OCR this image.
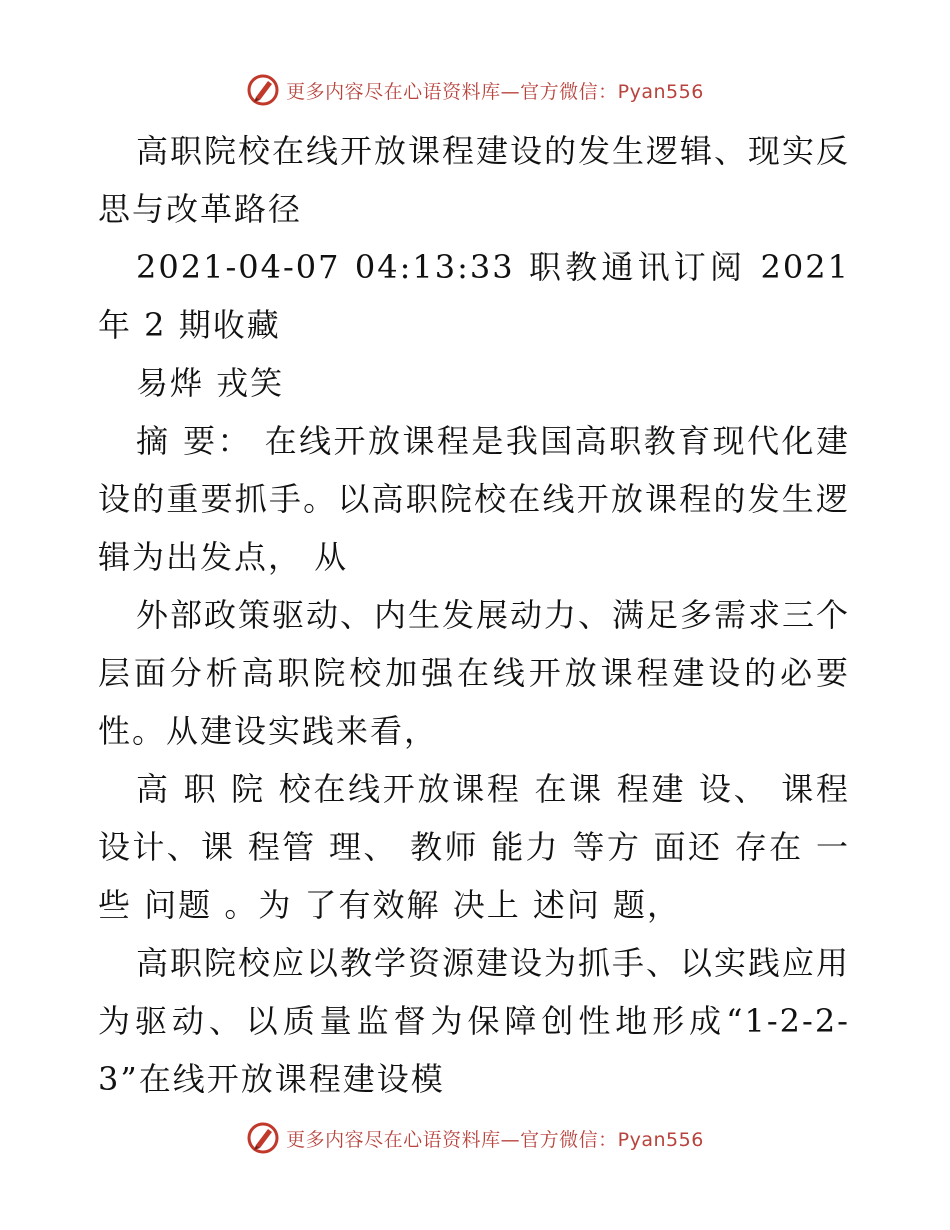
更多内容尽在心语资料库—官方微信：Pyan556

高职院校在线开放课程建设的发生逻辑、现实反思与改革路径

2021-04-07 04:13:33 职教通讯订阅 2021 年 2 期收藏

易烨 戎笑

摘 要： 在线开放课程是我国高职教育现代化建设的重要抓手。以高职院校在线开放课程的发生逻辑为出发点， 从

外部政策驱动、内生发展动力、满足多需求三个层面分析高职院校加强在线开放课程建设的必要性。从建设实践来看，

高 职 院 校在线开放课程 在课 程建 设、 课程 设计、课 程管 理、 教师 能力 等方 面还 存在 一些 问题 。为 了有效解 决上 述问 题，

高职院校应以教学资源建设为抓手、以实践应用为驱动、以质量监督为保障创性地形成“1-2-2-3”在线开放课程建设模

更多内容尽在心语资料库—官方微信：Pyan556
